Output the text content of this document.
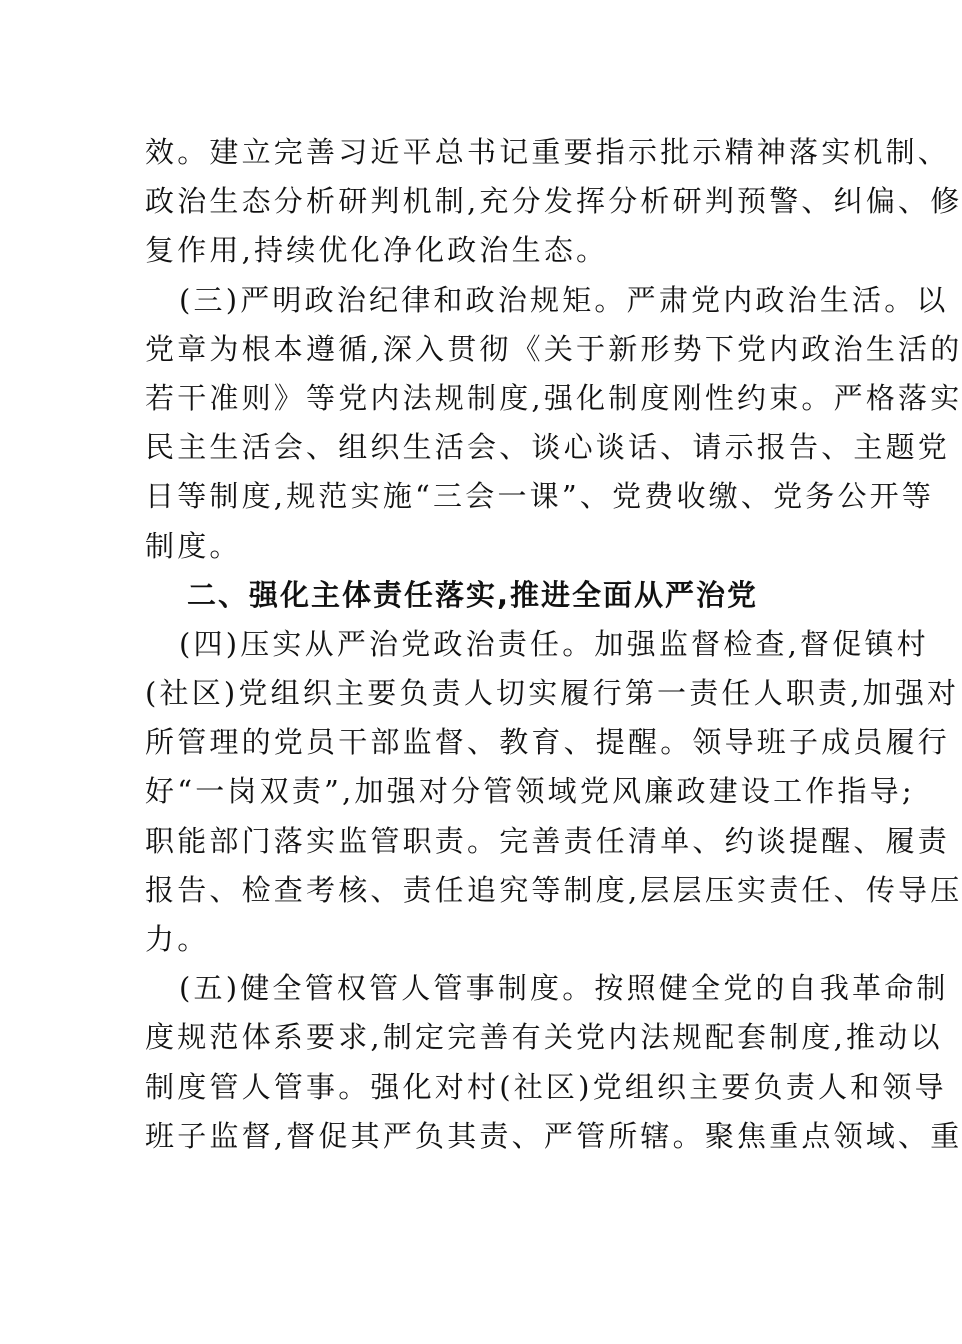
效。建立完善习近平总书记重要指示批示精神落实机制、
政治生态分析研判机制,充分发挥分析研判预警、纠偏、修
复作用,持续优化净化政治生态。
(三)严明政治纪律和政治规矩。严肃党内政治生活。以
党章为根本遵循,深入贯彻《关于新形势下党内政治生活的
若干准则》等党内法规制度,强化制度刚性约束。严格落实
民主生活会、组织生活会、谈心谈话、请示报告、主题党
日等制度,规范实施“三会一课”、党费收缴、党务公开等
制度。
二、强化主体责任落实,推进全面从严治党
(四)压实从严治党政治责任。加强监督检查,督促镇村
(社区)党组织主要负责人切实履行第一责任人职责,加强对
所管理的党员干部监督、教育、提醒。领导班子成员履行
好“一岗双责”,加强对分管领域党风廉政建设工作指导;
职能部门落实监管职责。完善责任清单、约谈提醒、履责
报告、检查考核、责任追究等制度,层层压实责任、传导压
力。
(五)健全管权管人管事制度。按照健全党的自我革命制
度规范体系要求,制定完善有关党内法规配套制度,推动以
制度管人管事。强化对村(社区)党组织主要负责人和领导
班子监督,督促其严负其责、严管所辖。聚焦重点领域、重
